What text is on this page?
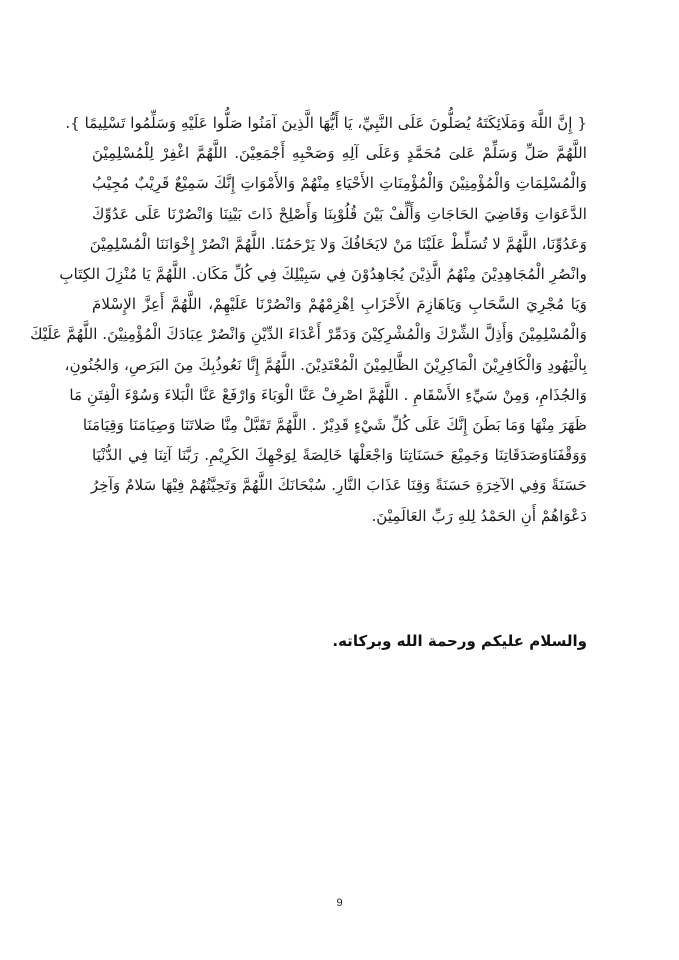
{ إِنَّ اللَّهَ وَمَلَائِكَتَهُ يُصَلُّونَ عَلَى النَّبِيِّ، يَا أَيُّهَا الَّذِينَ آمَنُوا صَلُّوا عَلَيْهِ وَسَلِّمُوا تَسْلِيمًا }.
اللَّهُمَّ صَلِّ وَسَلِّمْ عَلىَ مُحَمَّدٍ وَعَلَى آلِهِ وَصَحْبِهِ أَجْمَعِيْنَ. اللَّهُمَّ اغْفِرْ لِلْمُسْلِمِيْنَ
وَالْمُسْلِمَاتِ وَالْمُؤْمِنِيْنَ وَالْمُؤْمِنَاتِ الأَحْيَاءِ مِنْهُمْ وَالأَمْوَاتِ إِنَّكَ سَمِيْعٌ قَرِيْبٌ مُجِيْبُ
الدَّعَوَاتِ وَقَاضِيَ الحَاجَاتِ وَأَلِّفْ بَيْنَ قُلُوْبِنَا وَأَصْلِحْ ذَاتَ بَيْنِنَا وَانْصُرْنَا عَلَى عَدُوِّكَ
وَعَدُوِّنَا، اللَّهُمَّ لا تُسَلِّطْ عَلَيْنَا مَنْ لايَخَافُكَ وَلا يَرْحَمُنَا. اللَّهُمَّ انْصُرْ إِخْوَانَنَا الْمُسْلِمِيْنَ
وانْصُرِ الْمُجَاهِدِيْنَ مِنْهُمُ الَّذِيْنَ يُجَاهِدُوْنَ فِي سَبِيْلِكَ فِي كُلِّ مَكَان. اللَّهُمَّ يَا مُنْزِلَ الكِتَابِ
وَيَا مُجْرِيَ السَّحَابِ وَيَاهَازِمَ الأَحْزَابِ اِهْزِمْهُمْ وَانْصُرْنَا عَلَيْهِمْ، اللَّهُمَّ أَعِزَّ الإِسْلامَ
وَالْمُسْلِمِيْنَ وَأَذِلَّ الشِّرْكَ وَالْمُشْرِكِيْنَ وَدَمِّرْ أَعْدَاءَ الدِّيْنِ وَانْصُرْ عِبَادَكَ الْمُؤْمِنِيْنَ. اللَّهُمَّ عَلَيْكَ
بِالْيَهُودِ وَالْكَافِرِيْنَ الْمَاكِرِيْنَ الظَّالِمِيْنَ الْمُعْتَدِيْنَ. اللَّهُمَّ إِنَّا نَعُوذُبِكَ مِنَ البَرَصِ، وَالجُنُونِ،
وَالجُذَامِ، وَمِنْ سَيِّءِ الأَسْقَامِ . اللَّهُمَّ اصْرِفْ عَنَّا الْوَبَاءَ وَارْفَعْ عَنَّا الْبَلاءَ وَسُوْءَ الْفِتَنِ مَا
ظَهَرَ مِنْهَا وَمَا بَطَنَ إِنَّكَ عَلَى كُلِّ شَيْءٍ قَدِيْرٌ . اللَّهُمَّ تَقَبَّلْ مِنَّا صَلاتَنَا وَصِيَامَنَا وَقِيَامَنَا
وَوَقْفَنَاوَصَدَقَاتِنَا وَجَمِيْعَ حَسَنَاتِنَا وَاجْعَلْهَا خَالِصَةً لِوَجْهِكَ الكَرِيْمِ. رَبَّنَا آتِنَا فِي الدُّنْيَا
حَسَنَةً وَفِي الآخِرَةِ حَسَنَةً وَقِنَا عَذَابَ النَّارِ. سُبْحَانَكَ اللَّهُمَّ وَتَحِيَّتُهُمْ فِيْهَا سَلامٌ وَآخِرُ
دَعْوَاهُمْ أَنِ الحَمْدُ لِلهِ رَبِّ العَالَمِيْنَ.
والسلام عليكم ورحمة الله وبركاته.
9
